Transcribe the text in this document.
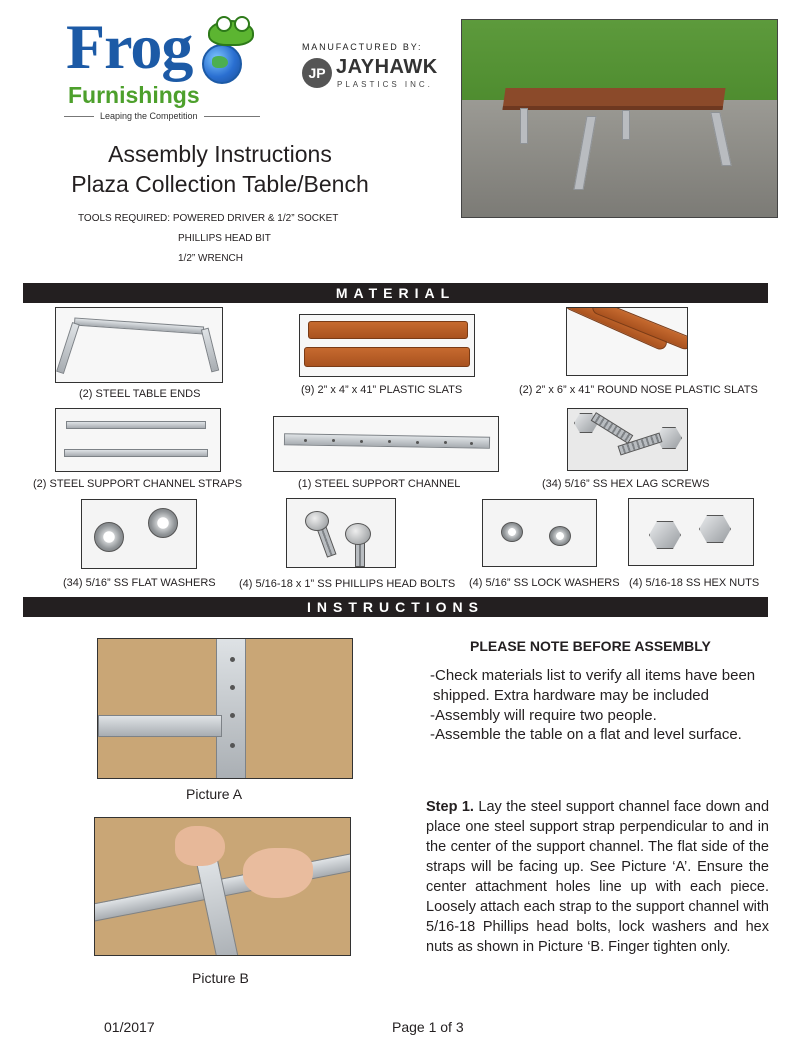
Frog
Furnishings
Leaping the Competition
MANUFACTURED BY:
JP JAYHAWK
PLASTICS INC.
Assembly Instructions
Plaza Collection Table/Bench
TOOLS REQUIRED: POWERED DRIVER & 1/2” SOCKET
PHILLIPS HEAD BIT
1/2” WRENCH
MATERIAL
(2) STEEL TABLE ENDS	(9) 2” x 4” x 41” PLASTIC SLATS	(2) 2” x 6” x 41” ROUND NOSE PLASTIC SLATS
(2) STEEL SUPPORT CHANNEL STRAPS	(1) STEEL SUPPORT CHANNEL	(34) 5/16” SS HEX LAG SCREWS
(34) 5/16” SS FLAT WASHERS (4) 5/16-18 x 1” SS PHILLIPS HEAD BOLTS (4) 5/16” SS LOCK WASHERS (4) 5/16-18 SS HEX NUTS
INSTRUCTIONS
Picture A
Picture B
PLEASE NOTE BEFORE ASSEMBLY
-Check materials list to verify all items have been
shipped. Extra hardware may be included
-Assembly will require two people.
-Assemble the table on a flat and level surface.
Step 1. Lay the steel support channel face down and place one steel support strap perpendicular to and in the center of the support channel. The flat side of the straps will be facing up. See Picture ‘A’. Ensure the center attachment holes line up with each piece. Loosely attach each strap to the support channel with 5/16-18 Phillips head bolts, lock washers and hex nuts as shown in Picture ‘B. Finger tighten only.
01/2017	Page 1 of 3
